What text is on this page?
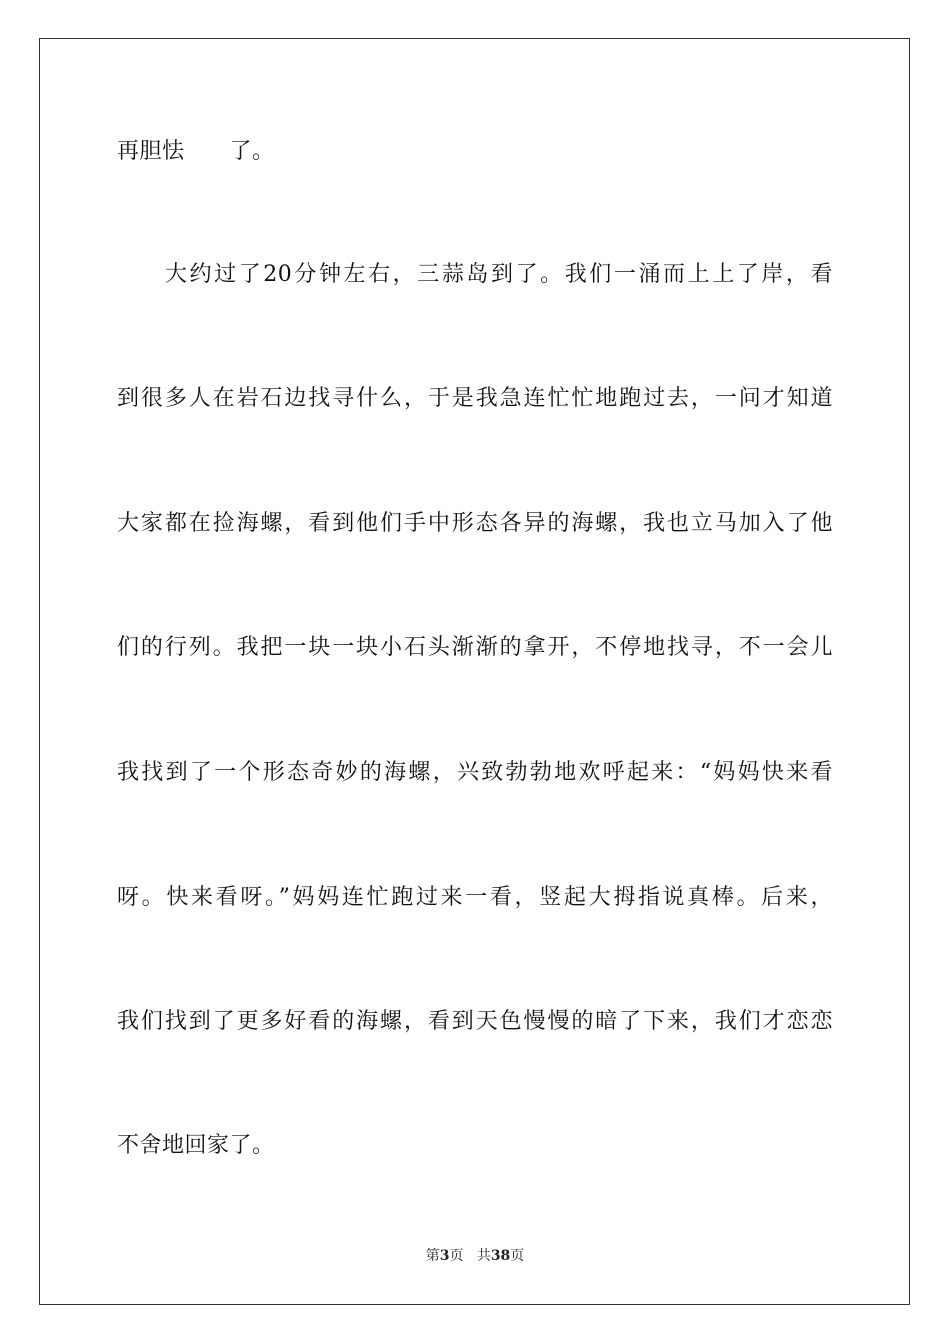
再胆怯　　了。
大约过了20分钟左右，三蒜岛到了。我们一涌而上上了岸，看
到很多人在岩石边找寻什么，于是我急连忙忙地跑过去，一问才知道
大家都在捡海螺，看到他们手中形态各异的海螺，我也立马加入了他
们的行列。我把一块一块小石头渐渐的拿开，不停地找寻，不一会儿
我找到了一个形态奇妙的海螺，兴致勃勃地欢呼起来：“妈妈快来看
呀。快来看呀。”妈妈连忙跑过来一看，竖起大拇指说真棒。后来，
我们找到了更多好看的海螺，看到天色慢慢的暗了下来，我们才恋恋
不舍地回家了。
第3页 共38页
